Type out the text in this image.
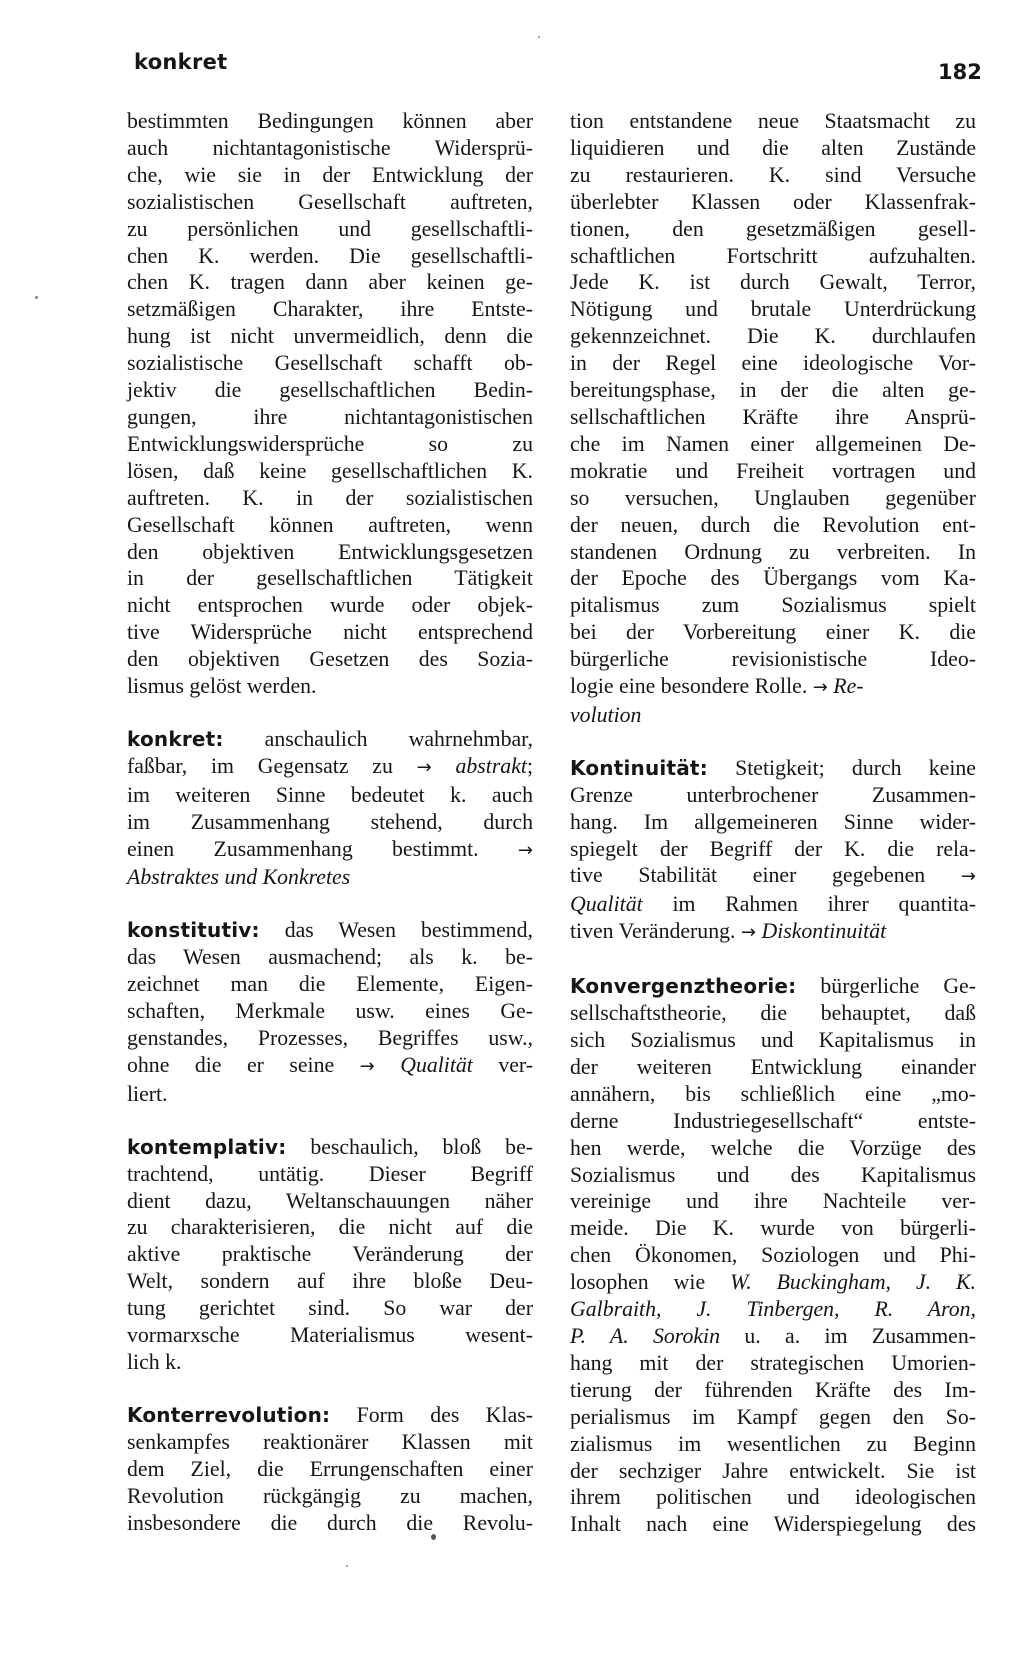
konkret	182
bestimmten Bedingungen können aber
auch nichtantagonistische Widersprü-
che, wie sie in der Entwicklung der
sozialistischen Gesellschaft auftreten,
zu persönlichen und gesellschaftli-
chen K. werden. Die gesellschaftli-
chen K. tragen dann aber keinen ge-
setzmäßigen Charakter, ihre Entste-
hung ist nicht unvermeidlich, denn die
sozialistische Gesellschaft schafft ob-
jektiv die gesellschaftlichen Bedin-
gungen, ihre nichtantagonistischen
Entwicklungswidersprüche so zu
lösen, daß keine gesellschaftlichen K.
auftreten. K. in der sozialistischen
Gesellschaft können auftreten, wenn
den objektiven Entwicklungsgesetzen
in der gesellschaftlichen Tätigkeit
nicht entsprochen wurde oder objek-
tive Widersprüche nicht entsprechend
den objektiven Gesetzen des Sozia-
lismus gelöst werden.
konkret: anschaulich wahrnehmbar,
faßbar, im Gegensatz zu → abstrakt;
im weiteren Sinne bedeutet k. auch
im Zusammenhang stehend, durch
einen Zusammenhang bestimmt. →
Abstraktes und Konkretes
konstitutiv: das Wesen bestimmend,
das Wesen ausmachend; als k. be-
zeichnet man die Elemente, Eigen-
schaften, Merkmale usw. eines Ge-
genstandes, Prozesses, Begriffes usw.,
ohne die er seine → Qualität ver-
liert.
kontemplativ: beschaulich, bloß be-
trachtend, untätig. Dieser Begriff
dient dazu, Weltanschauungen näher
zu charakterisieren, die nicht auf die
aktive praktische Veränderung der
Welt, sondern auf ihre bloße Deu-
tung gerichtet sind. So war der
vormarxsche Materialismus wesent-
lich k.
Konterrevolution: Form des Klas-
senkampfes reaktionärer Klassen mit
dem Ziel, die Errungenschaften einer
Revolution rückgängig zu machen,
insbesondere die durch die Revolu-
tion entstandene neue Staatsmacht zu
liquidieren und die alten Zustände
zu restaurieren. K. sind Versuche
überlebter Klassen oder Klassenfrak-
tionen, den gesetzmäßigen gesell-
schaftlichen Fortschritt aufzuhalten.
Jede K. ist durch Gewalt, Terror,
Nötigung und brutale Unterdrückung
gekennzeichnet. Die K. durchlaufen
in der Regel eine ideologische Vor-
bereitungsphase, in der die alten ge-
sellschaftlichen Kräfte ihre Ansprü-
che im Namen einer allgemeinen De-
mokratie und Freiheit vortragen und
so versuchen, Unglauben gegenüber
der neuen, durch die Revolution ent-
standenen Ordnung zu verbreiten. In
der Epoche des Übergangs vom Ka-
pitalismus zum Sozialismus spielt
bei der Vorbereitung einer K. die
bürgerliche revisionistische Ideo-
logie eine besondere Rolle. → Re-
volution
Kontinuität: Stetigkeit; durch keine
Grenze unterbrochener Zusammen-
hang. Im allgemeineren Sinne wider-
spiegelt der Begriff der K. die rela-
tive Stabilität einer gegebenen →
Qualität im Rahmen ihrer quantita-
tiven Veränderung. → Diskontinuität
Konvergenztheorie: bürgerliche Ge-
sellschaftstheorie, die behauptet, daß
sich Sozialismus und Kapitalismus in
der weiteren Entwicklung einander
annähern, bis schließlich eine „mo-
derne Industriegesellschaft“ entste-
hen werde, welche die Vorzüge des
Sozialismus und des Kapitalismus
vereinige und ihre Nachteile ver-
meide. Die K. wurde von bürgerli-
chen Ökonomen, Soziologen und Phi-
losophen wie W. Buckingham, J. K.
Galbraith, J. Tinbergen, R. Aron,
P. A. Sorokin u. a. im Zusammen-
hang mit der strategischen Umorien-
tierung der führenden Kräfte des Im-
perialismus im Kampf gegen den So-
zialismus im wesentlichen zu Beginn
der sechziger Jahre entwickelt. Sie ist
ihrem politischen und ideologischen
Inhalt nach eine Widerspiegelung des
